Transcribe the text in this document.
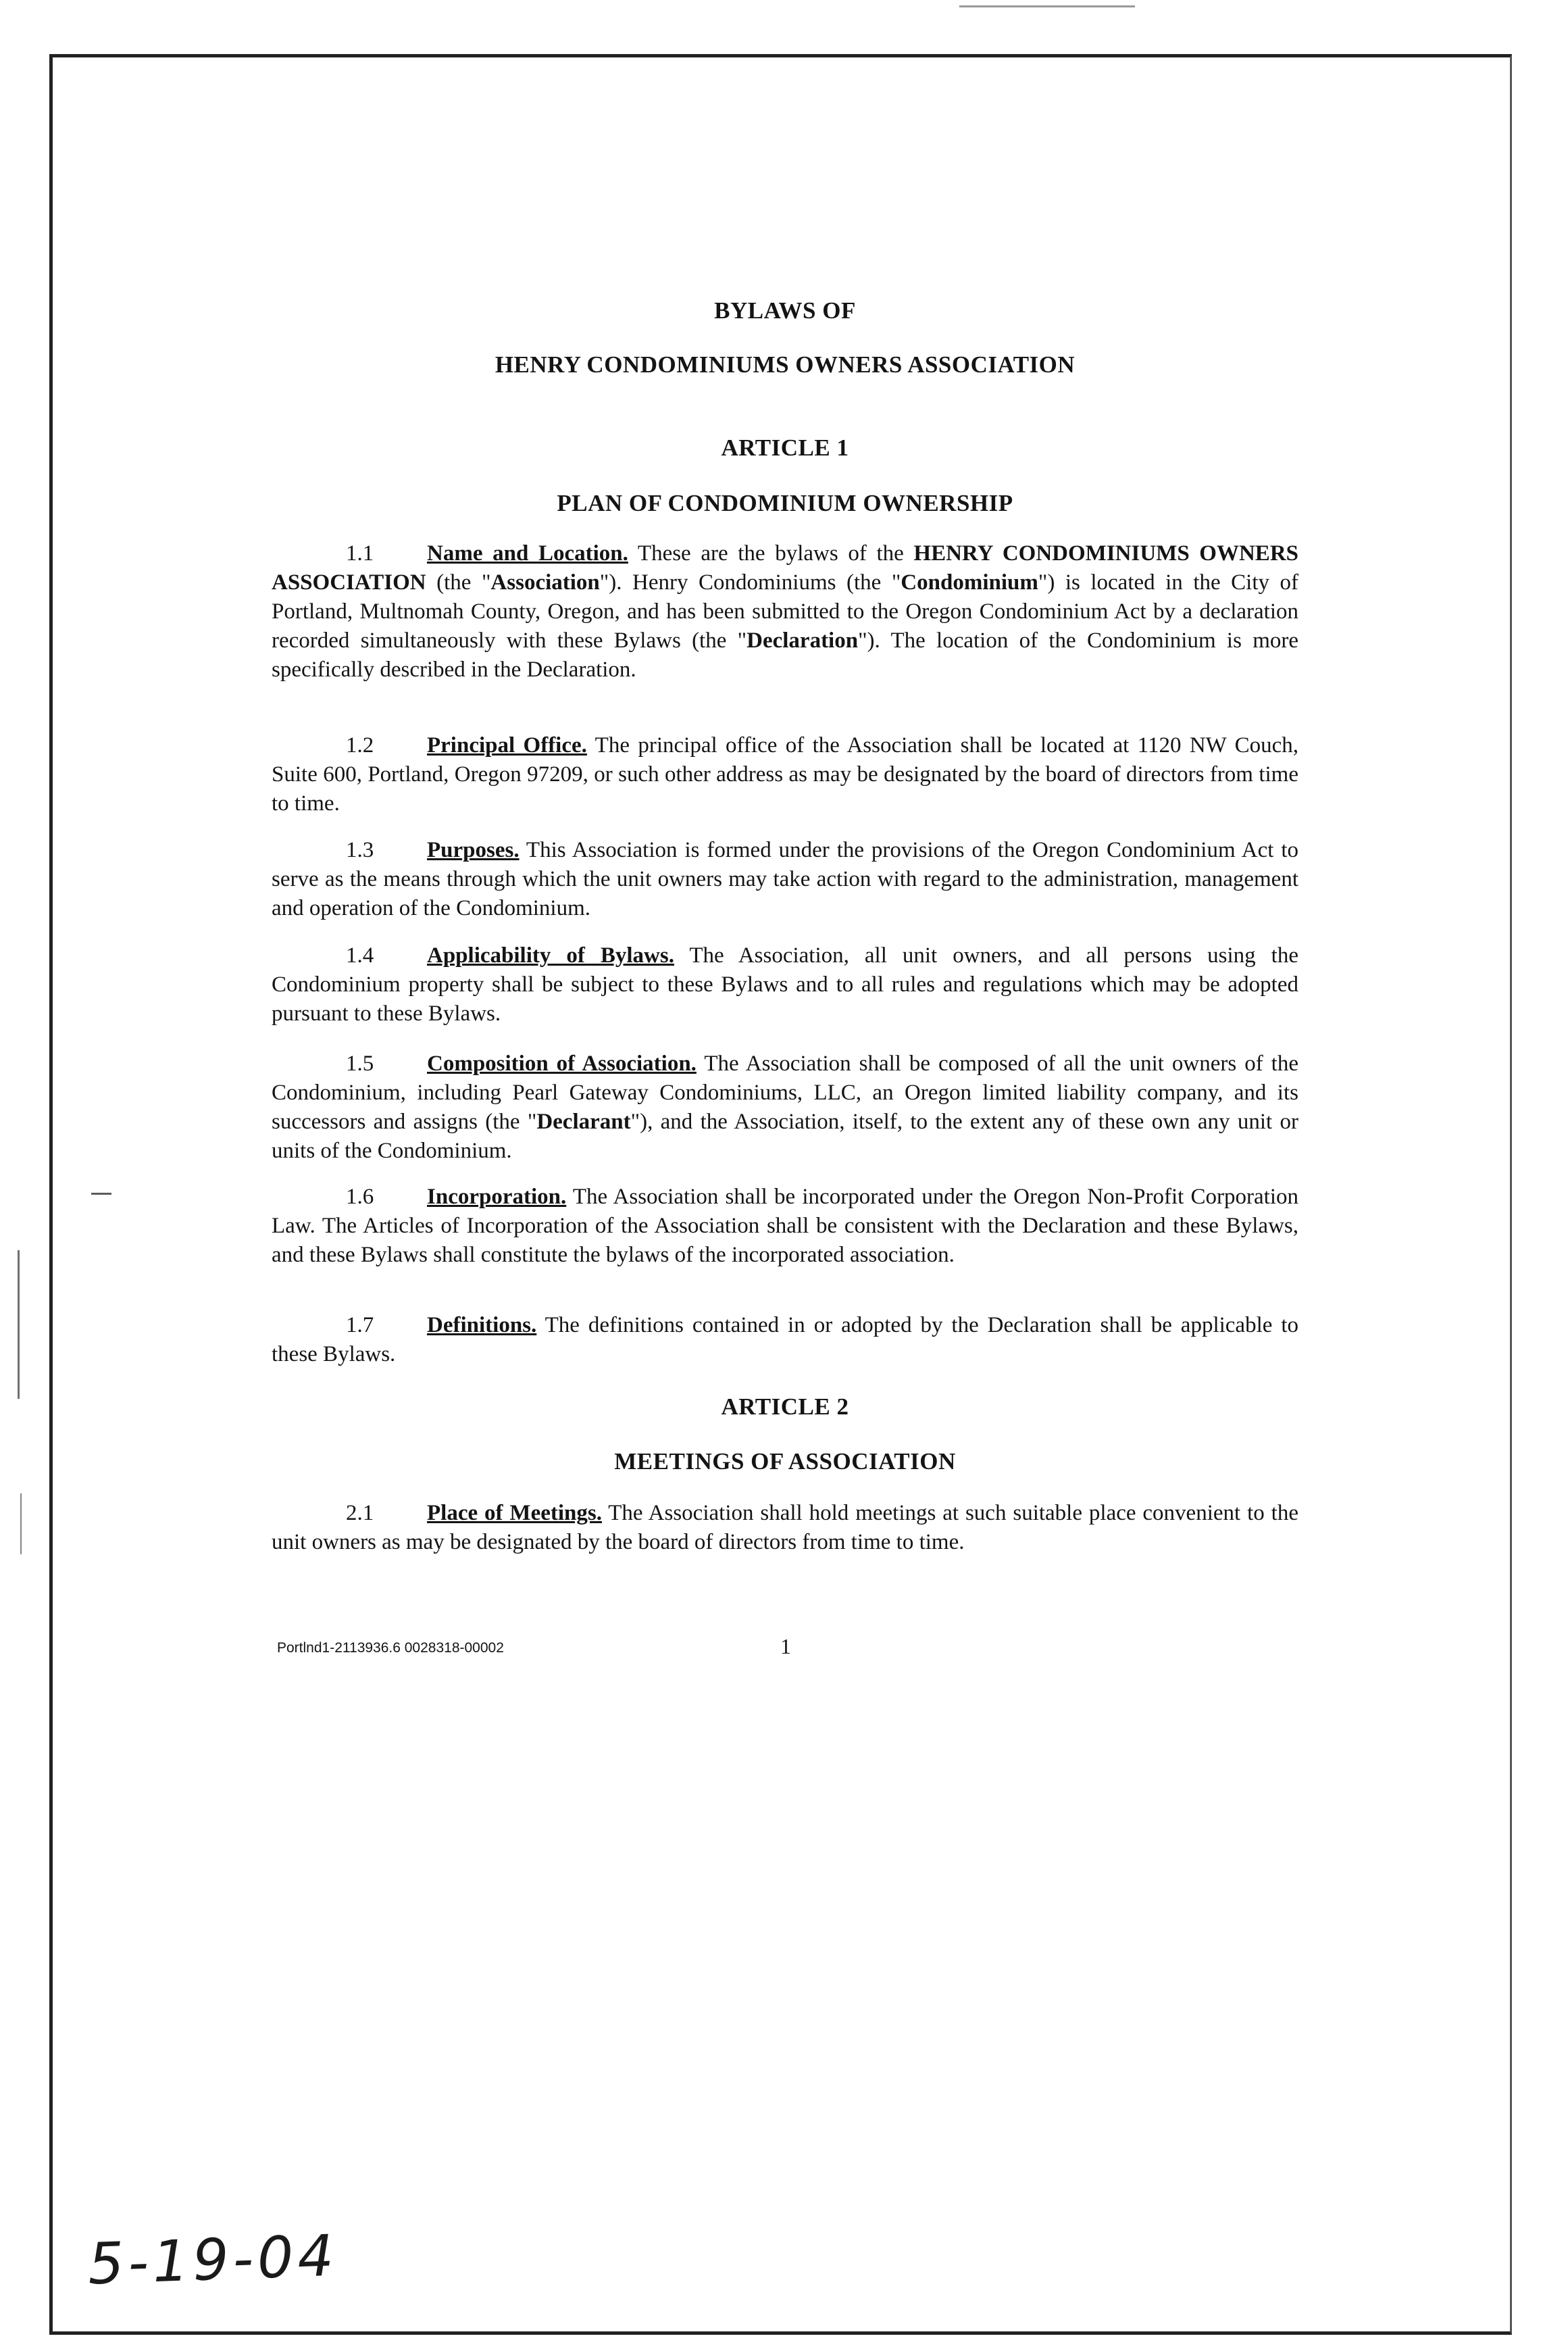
BYLAWS OF
HENRY CONDOMINIUMS OWNERS ASSOCIATION
ARTICLE 1
PLAN OF CONDOMINIUM OWNERSHIP
1.1 Name and Location. These are the bylaws of the HENRY CONDOMINIUMS OWNERS ASSOCIATION (the "Association"). Henry Condominiums (the "Condominium") is located in the City of Portland, Multnomah County, Oregon, and has been submitted to the Oregon Condominium Act by a declaration recorded simultaneously with these Bylaws (the "Declaration"). The location of the Condominium is more specifically described in the Declaration.
1.2 Principal Office. The principal office of the Association shall be located at 1120 NW Couch, Suite 600, Portland, Oregon 97209, or such other address as may be designated by the board of directors from time to time.
1.3 Purposes. This Association is formed under the provisions of the Oregon Condominium Act to serve as the means through which the unit owners may take action with regard to the administration, management and operation of the Condominium.
1.4 Applicability of Bylaws. The Association, all unit owners, and all persons using the Condominium property shall be subject to these Bylaws and to all rules and regulations which may be adopted pursuant to these Bylaws.
1.5 Composition of Association. The Association shall be composed of all the unit owners of the Condominium, including Pearl Gateway Condominiums, LLC, an Oregon limited liability company, and its successors and assigns (the "Declarant"), and the Association, itself, to the extent any of these own any unit or units of the Condominium.
1.6 Incorporation. The Association shall be incorporated under the Oregon Non-Profit Corporation Law. The Articles of Incorporation of the Association shall be consistent with the Declaration and these Bylaws, and these Bylaws shall constitute the bylaws of the incorporated association.
1.7 Definitions. The definitions contained in or adopted by the Declaration shall be applicable to these Bylaws.
ARTICLE 2
MEETINGS OF ASSOCIATION
2.1 Place of Meetings. The Association shall hold meetings at such suitable place convenient to the unit owners as may be designated by the board of directors from time to time.
Portlnd1-2113936.6 0028318-00002	1
5-19-04
